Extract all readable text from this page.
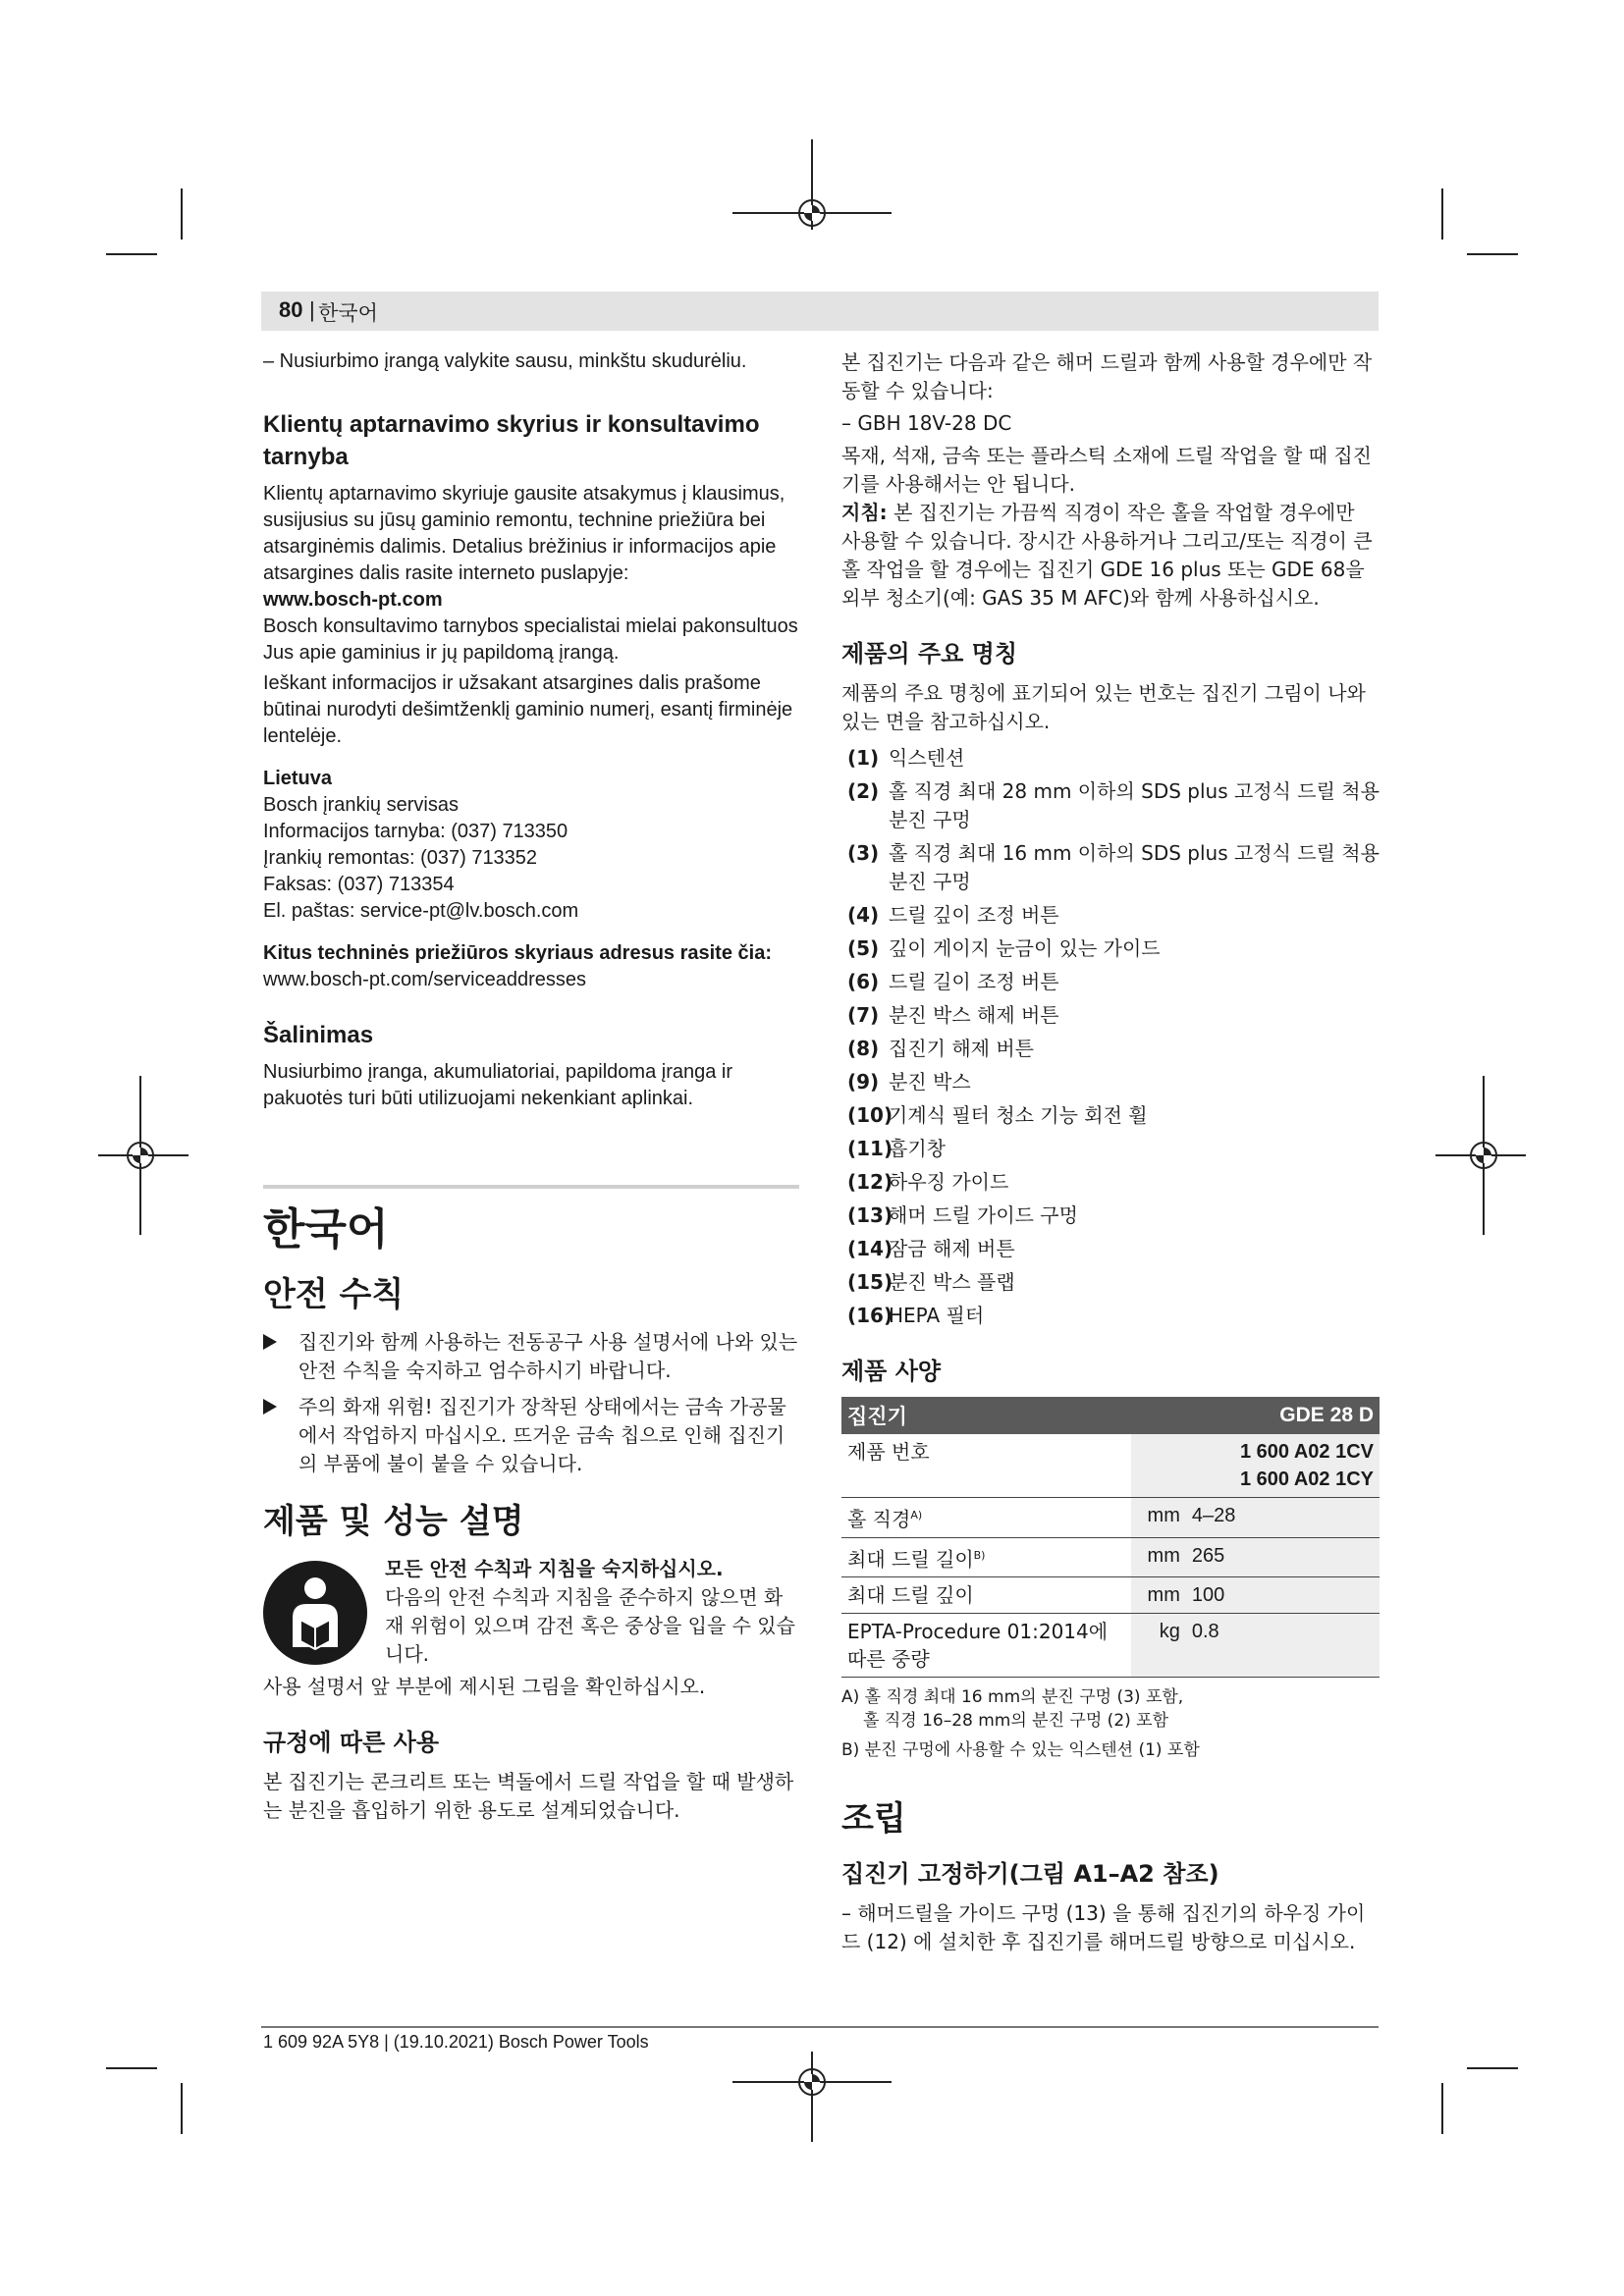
80 | 한국어

– Nusiurbimo įrangą valykite sausu, minkštu skudurėliu.

Klientų aptarnavimo skyrius ir konsultavimo tarnyba

Klientų aptarnavimo skyriuje gausite atsakymus į klausimus, susijusius su jūsų gaminio remontu, technine priežiūra bei atsarginėmis dalimis. Detalius brėžinius ir informacijos apie atsargines dalis rasite interneto puslapyje:

www.bosch-pt.com

Bosch konsultavimo tarnybos specialistai mielai pakonsultuos Jus apie gaminius ir jų papildomą įrangą.

Ieškant informacijos ir užsakant atsargines dalis prašome būtinai nurodyti dešimtženklį gaminio numerį, esantį firminėje lentelėje.

Lietuva

Bosch įrankių servisas

Informacijos tarnyba: (037) 713350

Įrankių remontas: (037) 713352

Faksas: (037) 713354

El. paštas: service-pt@lv.bosch.com

Kitus techninės priežiūros skyriaus adresus rasite čia:

www.bosch-pt.com/serviceaddresses

Šalinimas

Nusiurbimo įranga, akumuliatoriai, papildoma įranga ir pakuotės turi būti utilizuojami nekenkiant aplinkai.

한국어
안전 수칙
집진기와 함께 사용하는 전동공구 사용 설명서에 나와 있는 안전 수칙을 숙지하고 엄수하시기 바랍니다.
주의 화재 위험! 집진기가 장착된 상태에서는 금속 가공물에서 작업하지 마십시오. 뜨거운 금속 칩으로 인해 집진기의 부품에 불이 붙을 수 있습니다.
제품 및 성능 설명

모든 안전 수칙과 지침을 숙지하십시오.

다음의 안전 수칙과 지침을 준수하지 않으면 화재 위험이 있으며 감전 혹은 중상을 입을 수 있습니다.

사용 설명서 앞 부분에 제시된 그림을 확인하십시오.

규정에 따른 사용

본 집진기는 콘크리트 또는 벽돌에서 드릴 작업을 할 때 발생하는 분진을 흡입하기 위한 용도로 설계되었습니다.

본 집진기는 다음과 같은 해머 드릴과 함께 사용할 경우에만 작동할 수 있습니다:

– GBH 18V-28 DC

목재, 석재, 금속 또는 플라스틱 소재에 드릴 작업을 할 때 집진기를 사용해서는 안 됩니다.

지침: 본 집진기는 가끔씩 직경이 작은 홀을 작업할 경우에만 사용할 수 있습니다. 장시간 사용하거나 그리고/또는 직경이 큰 홀 작업을 할 경우에는 집진기 GDE 16 plus 또는 GDE 68을 외부 청소기(예: GAS 35 M AFC)와 함께 사용하십시오.

제품의 주요 명칭

제품의 주요 명칭에 표기되어 있는 번호는 집진기 그림이 나와있는 면을 참고하십시오.

(1) 익스텐션
(2) 홀 직경 최대 28 mm 이하의 SDS plus 고정식 드릴 척용 분진 구멍
(3) 홀 직경 최대 16 mm 이하의 SDS plus 고정식 드릴 척용 분진 구멍
(4) 드릴 깊이 조정 버튼
(5) 깊이 게이지 눈금이 있는 가이드
(6) 드릴 길이 조정 버튼
(7) 분진 박스 해제 버튼
(8) 집진기 해제 버튼
(9) 분진 박스
(10)
기계식 필터 청소 기능 회전 휠
(11)
흡기창
(12)
하우징 가이드
(13)
해머 드릴 가이드 구멍
(14)
잠금 해제 버튼
(15)
분진 박스 플랩
(16)
HEPA 필터
제품 사양
집진기		GDE 28 D
제품 번호		1 600 A02 1CV
1 600 A02 1CY

홀 직경$^{A)}$	mm	4–28
최대 드릴 길이$^{B)}$	mm	265
최대 드릴 깊이	mm	100
EPTA-Procedure 01:2014에 따른 중량	kg	0.8
A) 홀 직경 최대 16 mm의 분진 구멍 (3) 포함,
홀 직경 16–28 mm의 분진 구멍 (2) 포함
B) 분진 구멍에 사용할 수 있는 익스텐션 (1) 포함
조립
집진기 고정하기(그림 A1–A2 참조)

– 해머드릴을 가이드 구멍 (13) 을 통해 집진기의 하우징 가이드 (12) 에 설치한 후 집진기를 해머드릴 방향으로 미십시오.

1 609 92A 5Y8 | (19.10.2021) Bosch Power Tools
